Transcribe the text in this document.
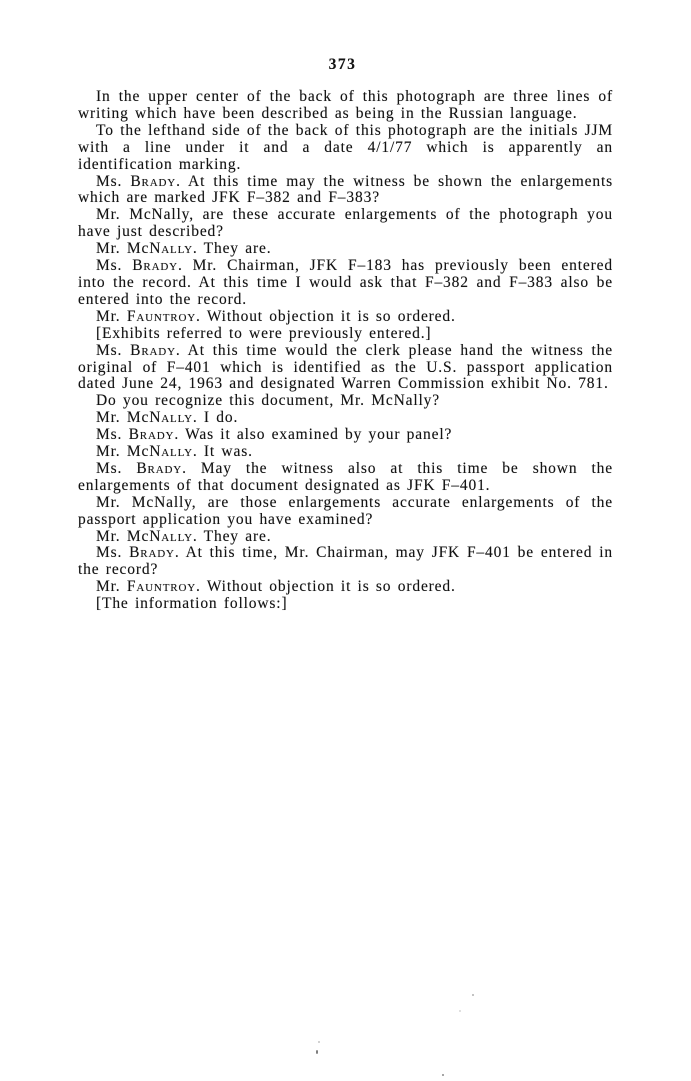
373

In the upper center of the back of this photograph are three lines of writing which have been described as being in the Russian language.

To the lefthand side of the back of this photograph are the initials JJM with a line under it and a date 4/1/77 which is apparently an identification marking.

Ms. Brady. At this time may the witness be shown the enlargements which are marked JFK F–382 and F–383?

Mr. McNally, are these accurate enlargements of the photograph you have just described?

Mr. McNally. They are.

Ms. Brady. Mr. Chairman, JFK F–183 has previously been entered into the record. At this time I would ask that F–382 and F–383 also be entered into the record.

Mr. Fauntroy. Without objection it is so ordered.

[Exhibits referred to were previously entered.]

Ms. Brady. At this time would the clerk please hand the witness the original of F–401 which is identified as the U.S. passport application dated June 24, 1963 and designated Warren Commission exhibit No. 781.

Do you recognize this document, Mr. McNally?

Mr. McNally. I do.

Ms. Brady. Was it also examined by your panel?

Mr. McNally. It was.

Ms. Brady. May the witness also at this time be shown the enlargements of that document designated as JFK F–401.

Mr. McNally, are those enlargements accurate enlargements of the passport application you have examined?

Mr. McNally. They are.

Ms. Brady. At this time, Mr. Chairman, may JFK F–401 be entered in the record?

Mr. Fauntroy. Without objection it is so ordered.

[The information follows:]
